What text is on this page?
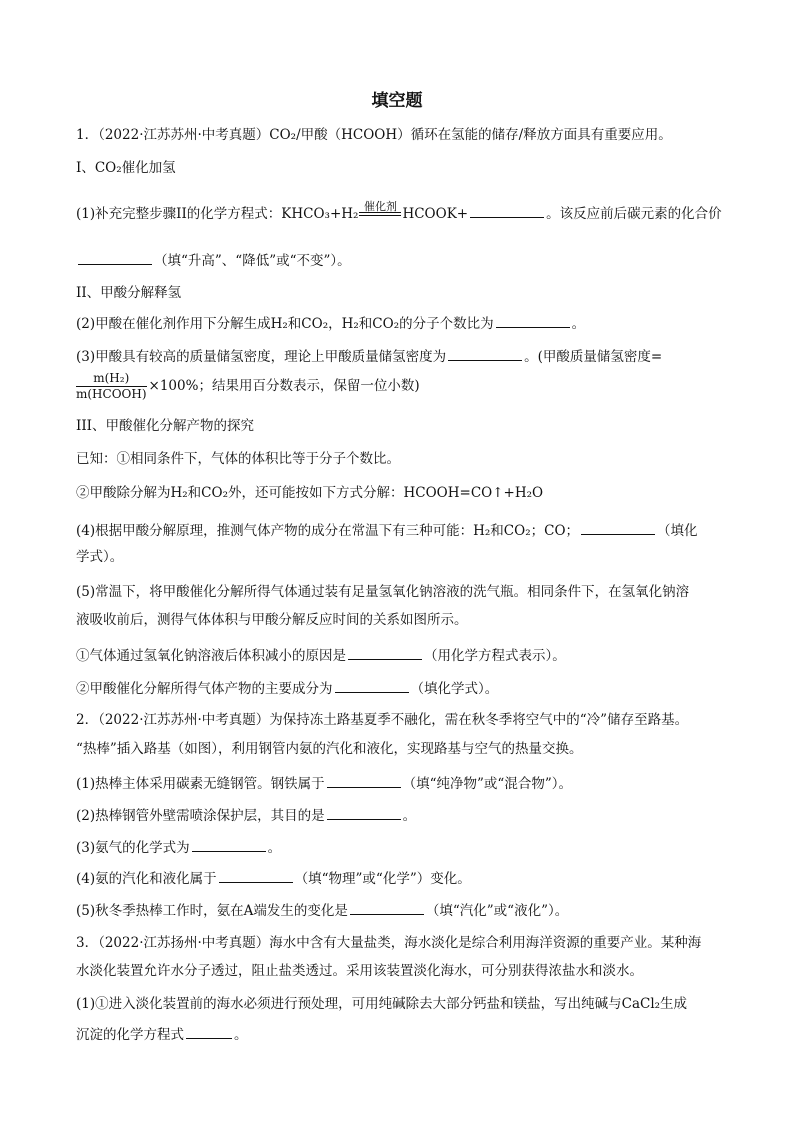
填空题
1．（2022·江苏苏州·中考真题）CO₂/甲酸（HCOOH）循环在氢能的储存/释放方面具有重要应用。
I、CO₂催化加氢
(1)补充完整步骤II的化学方程式：KHCO₃+H₂ 催化剂 HCOOK+	。该反应前后碳元素的化合价
（填“升高”、“降低”或“不变”）。
II、甲酸分解释氢
(2)甲酸在催化剂作用下分解生成H₂和CO₂，H₂和CO₂的分子个数比为	。
(3)甲酸具有较高的质量储氢密度，理论上甲酸质量储氢密度为	。(甲酸质量储氢密度=
$\frac{\text{m(H₂)}}{\text{m(HCOOH)}} \times 100\%$；结果用百分数表示，保留一位小数)
III、甲酸催化分解产物的探究
已知：①相同条件下，气体的体积比等于分子个数比。
②甲酸除分解为H₂和CO₂外，还可能按如下方式分解：HCOOH=CO↑+H₂O
(4)根据甲酸分解原理，推测气体产物的成分在常温下有三种可能：H₂和CO₂；CO；	（填化
学式）。
(5)常温下，将甲酸催化分解所得气体通过装有足量氢氧化钠溶液的洗气瓶。相同条件下，在氢氧化钠溶
液吸收前后，测得气体体积与甲酸分解反应时间的关系如图所示。
①气体通过氢氧化钠溶液后体积减小的原因是	（用化学方程式表示）。
②甲酸催化分解所得气体产物的主要成分为	（填化学式）。
2．（2022·江苏苏州·中考真题）为保持冻土路基夏季不融化，需在秋冬季将空气中的“冷”储存至路基。
“热棒”插入路基（如图），利用钢管内氨的汽化和液化，实现路基与空气的热量交换。
(1)热棒主体采用碳素无缝钢管。钢铁属于	（填“纯净物”或“混合物”）。
(2)热棒钢管外壁需喷涂保护层，其目的是	。
(3)氨气的化学式为	。
(4)氨的汽化和液化属于	（填“物理”或“化学”）变化。
(5)秋冬季热棒工作时，氨在A端发生的变化是	（填“汽化”或“液化”）。
3．（2022·江苏扬州·中考真题）海水中含有大量盐类，海水淡化是综合利用海洋资源的重要产业。某种海
水淡化装置允许水分子透过，阻止盐类透过。采用该装置淡化海水，可分别获得浓盐水和淡水。
(1)①进入淡化装置前的海水必须进行预处理，可用纯碱除去大部分钙盐和镁盐，写出纯碱与CaCl₂生成
沉淀的化学方程式	。
